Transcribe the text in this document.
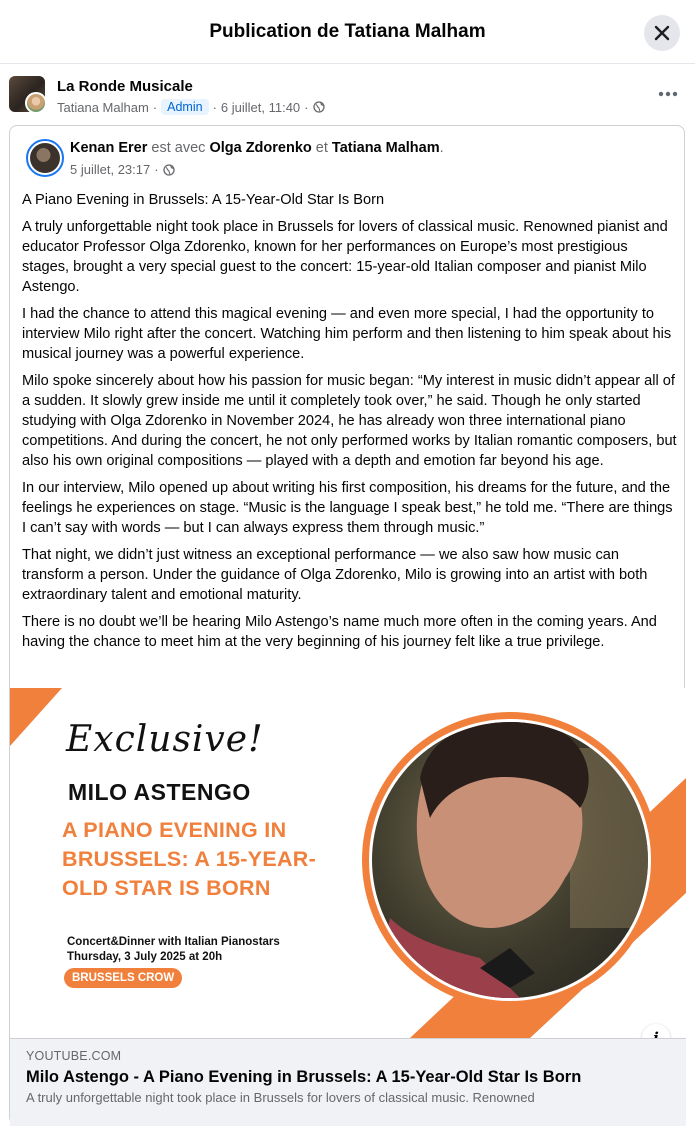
Publication de Tatiana Malham
La Ronde Musicale
Tatiana Malham · Admin · 6 juillet, 11:40 ·
Kenan Erer est avec Olga Zdorenko et Tatiana Malham.
5 juillet, 23:17 ·

A Piano Evening in Brussels: A 15-Year-Old Star Is Born

A truly unforgettable night took place in Brussels for lovers of classical music. Renowned pianist and educator Professor Olga Zdorenko, known for her performances on Europe’s most prestigious stages, brought a very special guest to the concert: 15-year-old Italian composer and pianist Milo Astengo.

I had the chance to attend this magical evening — and even more special, I had the opportunity to interview Milo right after the concert. Watching him perform and then listening to him speak about his musical journey was a powerful experience.

Milo spoke sincerely about how his passion for music began: “My interest in music didn’t appear all of a sudden. It slowly grew inside me until it completely took over,” he said. Though he only started studying with Olga Zdorenko in November 2024, he has already won three international piano competitions. And during the concert, he not only performed works by Italian romantic composers, but also his own original compositions — played with a depth and emotion far beyond his age.

In our interview, Milo opened up about writing his first composition, his dreams for the future, and the feelings he experiences on stage. “Music is the language I speak best,” he told me. “There are things I can’t say with words — but I can always express them through music.”

That night, we didn’t just witness an exceptional performance — we also saw how music can transform a person. Under the guidance of Olga Zdorenko, Milo is growing into an artist with both extraordinary talent and emotional maturity.

There is no doubt we’ll be hearing Milo Astengo’s name much more often in the coming years. And having the chance to meet him at the very beginning of his journey felt like a true privilege.

Exclusive!
MILO ASTENGO
A PIANO EVENING IN BRUSSELS: A 15-YEAR-OLD STAR IS BORN
Concert&Dinner with Italian Pianostars
Thursday, 3 July 2025 at 20h
BRUSSELS CROW
YOUTUBE.COM
Milo Astengo - A Piano Evening in Brussels: A 15-Year-Old Star Is Born
A truly unforgettable night took place in Brussels for lovers of classical music. Renowned
